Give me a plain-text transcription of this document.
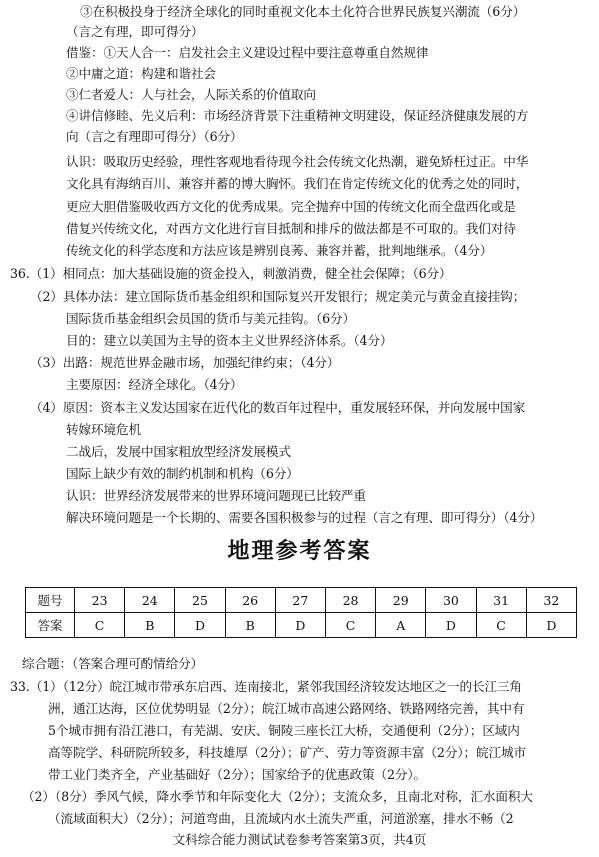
③在积极投身于经济全球化的同时重视文化本土化符合世界民族复兴潮流（6分）
（言之有理，即可得分）
借鉴：①天人合一：启发社会主义建设过程中要注意尊重自然规律
②中庸之道：构建和谐社会
③仁者爱人：人与社会，人际关系的价值取向
④讲信修睦、先义后利：市场经济背景下注重精神文明建设，保证经济健康发展的方
向（言之有理即可得分）（6分）
认识：吸取历史经验，理性客观地看待现今社会传统文化热潮，避免矫枉过正。中华
文化具有海纳百川、兼容并蓄的博大胸怀。我们在肯定传统文化的优秀之处的同时，
更应大胆借鉴吸收西方文化的优秀成果。完全抛弃中国的传统文化而全盘西化或是
借复兴传统文化，对西方文化进行盲目抵制和排斥的做法都是不可取的。我们对待
传统文化的科学态度和方法应该是辨别良莠、兼容并蓄，批判地继承。（4分）
36.（1）相同点：加大基础设施的资金投入，刺激消费，健全社会保障；（6分）
（2）具体办法：建立国际货币基金组织和国际复兴开发银行；规定美元与黄金直接挂钩；
国际货币基金组织会员国的货币与美元挂钩。（6分）
目的：建立以美国为主导的资本主义世界经济体系。（4分）
（3）出路：规范世界金融市场，加强纪律约束；（4分）
主要原因：经济全球化。（4分）
（4）原因：资本主义发达国家在近代化的数百年过程中，重发展轻环保，并向发展中国家
转嫁环境危机
二战后，发展中国家粗放型经济发展模式
国际上缺少有效的制约机制和机构（6分）
认识：世界经济发展带来的世界环境问题现已比较严重
解决环境问题是一个长期的、需要各国积极参与的过程（言之有理、即可得分）（4分）
地理参考答案
题号	23	24	25	26	27	28	29	30	31	32
答案	C	B	D	B	D	C	A	D	C	D
综合题：（答案合理可酌情给分）
33.（1）（12分）皖江城市带承东启西、连南接北，紧邻我国经济较发达地区之一的长江三角
洲，通江达海，区位优势明显（2分）；皖江城市高速公路网络、铁路网络完善，其中有
5个城市拥有沿江港口，有芜湖、安庆、铜陵三座长江大桥，交通便利（2分）；区域内
高等院学、科研院所较多，科技雄厚（2分）；矿产、劳力等资源丰富（2分）；皖江城市
带工业门类齐全，产业基础好（2分）；国家给予的优惠政策（2分）。
（2）（8分）季风气候，降水季节和年际变化大（2分）；支流众多，且南北对称，汇水面积大
（流域面积大）（2分）；河道弯曲，且流域内水土流失严重，河道淤塞，排水不畅（2
文科综合能力测试试卷参考答案第3页，共4页
